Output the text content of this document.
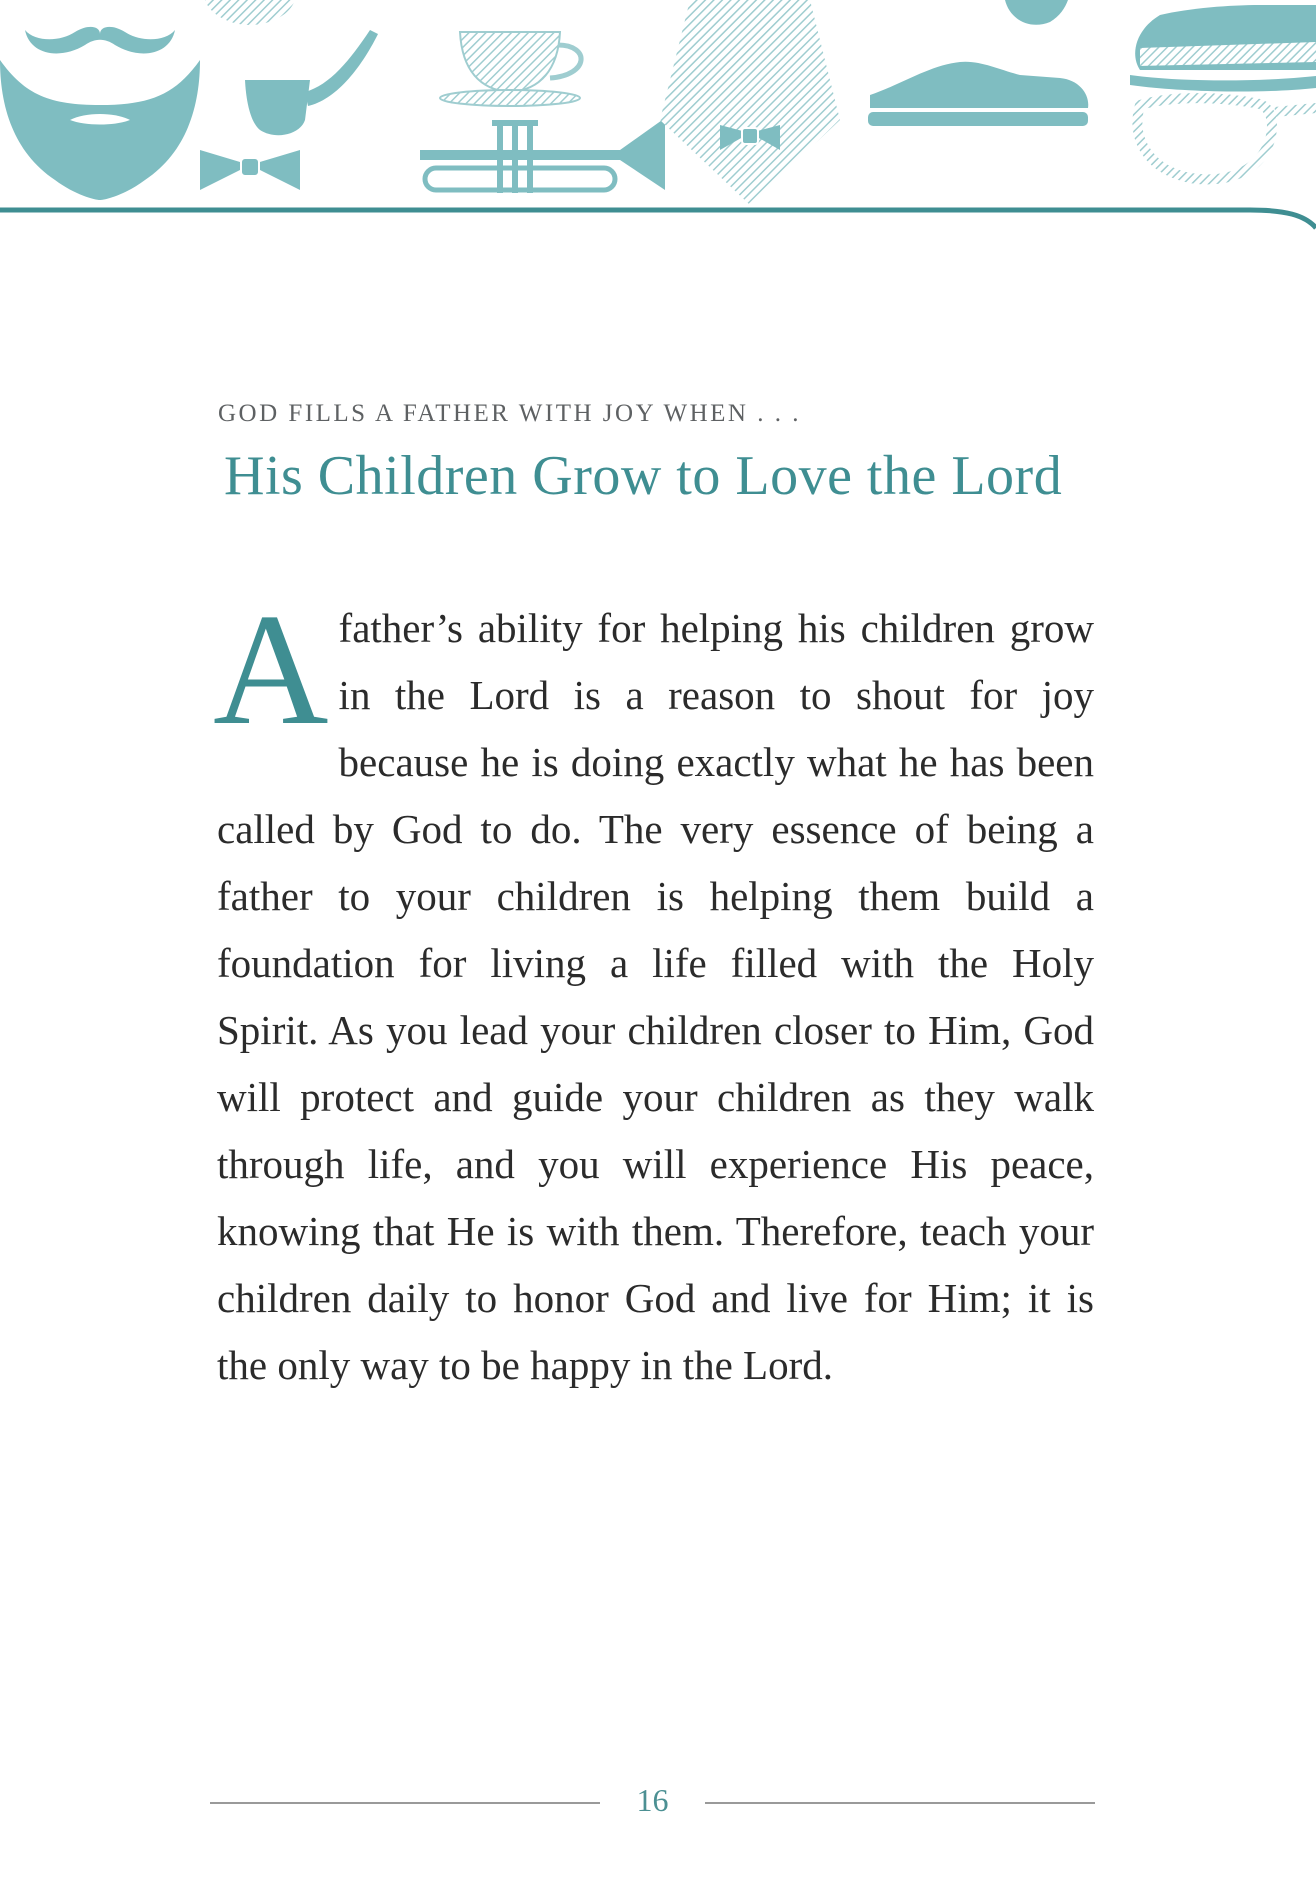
GOD FILLS A FATHER WITH JOY WHEN . . .
His Children Grow to Love the Lord
Afather’s ability for helping his children grow in the Lord is a reason to shout for joy because he is doing exactly what he has been called by God to do. The very essence of being a father to your children is helping them build a foundation for living a life filled with the Holy Spirit. As you lead your children closer to Him, God will protect and guide your children as they walk through life, and you will experience His peace, knowing that He is with them. Therefore, teach your children daily to honor God and live for Him; it is the only way to be happy in the Lord.
16
